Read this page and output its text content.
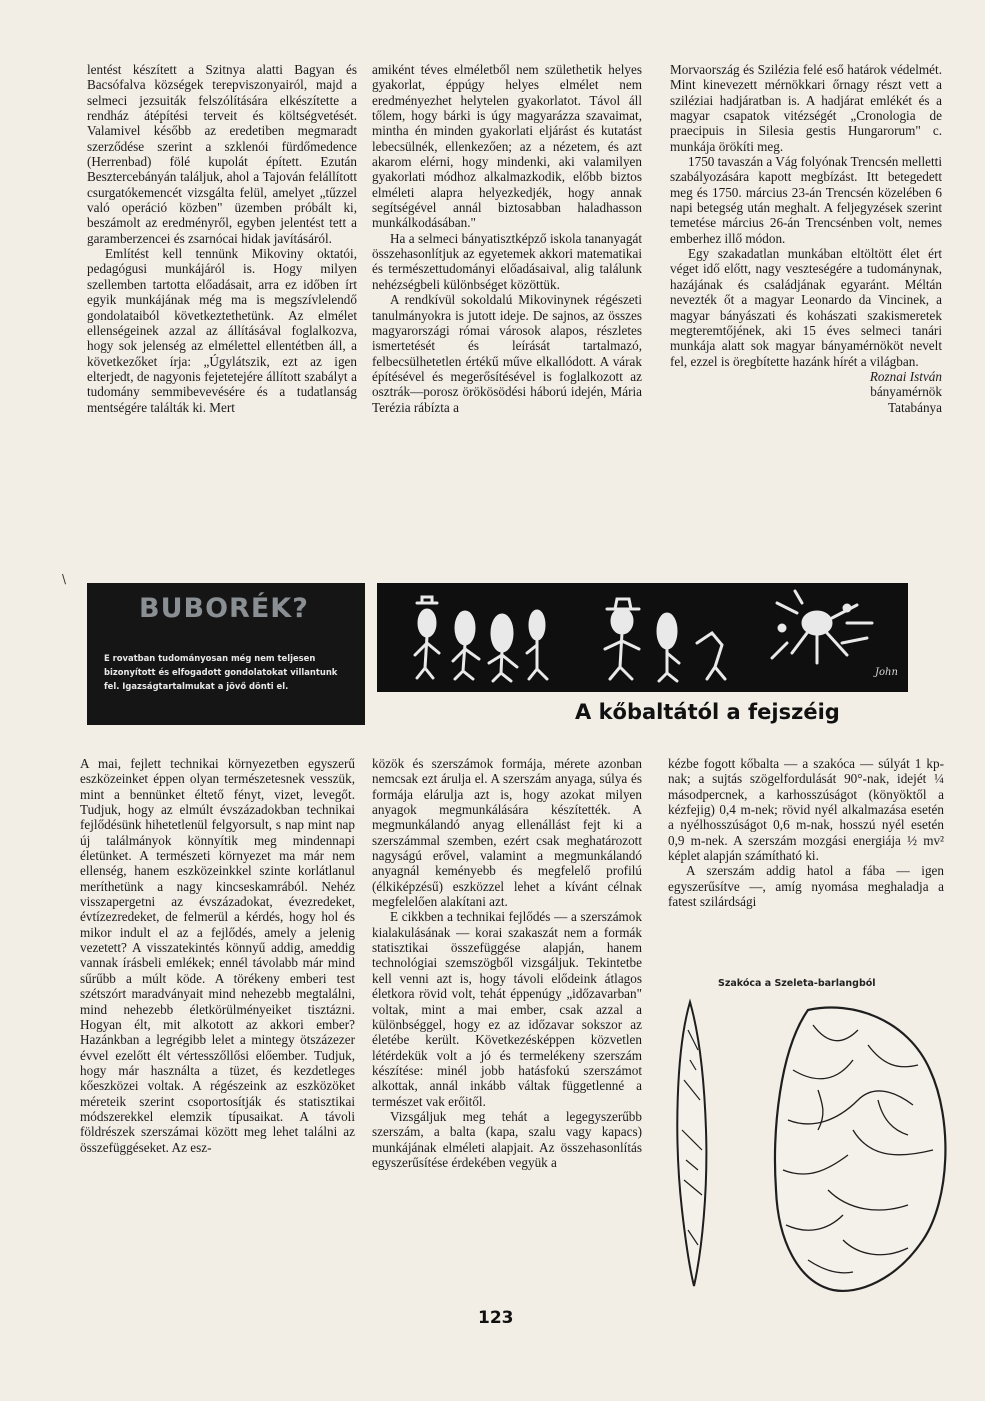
lentést készített a Szitnya alatti Bagyan és Bacsófalva községek terepviszonyairól, majd a selmeci jezsuiták felszólítására elkészítette a rendház átépítési terveit és költségvetését. Valamivel később az eredetiben megmaradt szerződése szerint a szklenói fürdőmedence (Herrenbad) fölé kupolát épített. Ezután Besztercebányán találjuk, ahol a Tajován felállított csurgatókemencét vizsgálta felül, amelyet „tűzzel való operáció közben" üzemben próbált ki, beszámolt az eredményről, egyben jelentést tett a garamberzencei és zsarnócai hidak javításáról.

Említést kell tennünk Mikoviny oktatói, pedagógusi munkájáról is. Hogy milyen szellemben tartotta előadásait, arra ez időben írt egyik munkájának még ma is megszívlelendő gondolataiból következtethetünk. Az elmélet ellenségeinek azzal az állításával foglalkozva, hogy sok jelenség az elmélettel ellentétben áll, a következőket írja: „Úgylátszik, ezt az igen elterjedt, de nagyonis fejetetejére állított szabályt a tudomány semmibevevésére és a tudatlanság mentségére találták ki. Mert

amiként téves elméletből nem születhetik helyes gyakorlat, éppúgy helyes elmélet nem eredményezhet helytelen gyakorlatot. Távol áll tőlem, hogy bárki is úgy magyarázza szavaimat, mintha én minden gyakorlati eljárást és kutatást lebecsülnék, ellenkezően; az a nézetem, és azt akarom elérni, hogy mindenki, aki valamilyen gyakorlati módhoz alkalmazkodik, előbb biztos elméleti alapra helyezkedjék, hogy annak segítségével annál biztosabban haladhasson munkálkodásában."

Ha a selmeci bányatisztképző iskola tananyagát összehasonlítjuk az egyetemek akkori matematikai és természettudományi előadásaival, alig találunk nehézségbeli különbséget közöttük.

A rendkívül sokoldalú Mikovinynek régészeti tanulmányokra is jutott ideje. De sajnos, az összes magyarországi római városok alapos, részletes ismertetését és leírását tartalmazó, felbecsülhetetlen értékű műve elkallódott. A várak építésével és megerősítésével is foglalkozott az osztrák—porosz örökösödési háború idején, Mária Terézia rábízta a

Morvaország és Szilézia felé eső határok védelmét. Mint kinevezett mérnökkari őrnagy részt vett a sziléziai hadjáratban is. A hadjárat emlékét és a magyar csapatok vitézségét „Cronologia de praecipuis in Silesia gestis Hungarorum" c. munkája örökíti meg.

1750 tavaszán a Vág folyónak Trencsén melletti szabályozására kapott megbízást. Itt betegedett meg és 1750. március 23-án Trencsén közelében 6 napi betegség után meghalt. A feljegyzések szerint temetése március 26-án Trencsénben volt, nemes emberhez illő módon.

Egy szakadatlan munkában eltöltött élet ért véget idő előtt, nagy veszteségére a tudománynak, hazájának és családjának egyaránt. Méltán nevezték őt a magyar Leonardo da Vincinek, a magyar bányászati és kohászati szakismeretek megteremtőjének, aki 15 éves selmeci tanári munkája alatt sok magyar bányamérnököt nevelt fel, ezzel is öregbítette hazánk hírét a világban.

Roznai István

bányamérnök

Tatabánya

\
BUBORÉK?
E rovatban tudományosan még nem teljesen bizonyított és elfogadott gondolatokat villantunk fel. Igazságtartalmukat a jövő dönti el.
John
A kőbaltától a fejszéig

A mai, fejlett technikai környezetben egyszerű eszközeinket éppen olyan természetesnek vesszük, mint a bennünket éltető fényt, vizet, levegőt. Tudjuk, hogy az elmúlt évszázadokban technikai fejlődésünk hihetetlenül felgyorsult, s nap mint nap új találmányok könnyítik meg mindennapi életünket. A természeti környezet ma már nem ellenség, hanem eszközeinkkel szinte korlátlanul meríthetünk a nagy kincseskamrából. Nehéz visszapergetni az évszázadokat, évezredeket, évtízezredeket, de felmerül a kérdés, hogy hol és mikor indult el az a fejlődés, amely a jelenig vezetett? A visszatekintés könnyű addig, ameddig vannak írásbeli emlékek; ennél távolabb már mind sűrűbb a múlt köde. A törékeny emberi test szétszórt maradványait mind nehezebb megtalálni, mind nehezebb életkörülményeiket tisztázni. Hogyan élt, mit alkotott az akkori ember? Hazánkban a legrégibb lelet a mintegy ötszázezer évvel ezelőtt élt vértesszőllősi előember. Tudjuk, hogy már használta a tüzet, és kezdetleges kőeszközei voltak. A régészeink az eszközöket méreteik szerint csoportosítják és statisztikai módszerekkel elemzik típusaikat. A távoli földrészek szerszámai között meg lehet találni az összefüggéseket. Az esz-

közök és szerszámok formája, mérete azonban nemcsak ezt árulja el. A szerszám anyaga, súlya és formája elárulja azt is, hogy azokat milyen anyagok megmunkálására készítették. A megmunkálandó anyag ellenállást fejt ki a szerszámmal szemben, ezért csak meghatározott nagyságú erővel, valamint a megmunkálandó anyagnál keményebb és megfelelő profilú (élkiképzésű) eszközzel lehet a kívánt célnak megfelelően alakítani azt.

E cikkben a technikai fejlődés — a szerszámok kialakulásának — korai szakaszát nem a formák statisztikai összefüggése alapján, hanem technológiai szemszögből vizsgáljuk. Tekintetbe kell venni azt is, hogy távoli elődeink átlagos életkora rövid volt, tehát éppenúgy „időzavarban" voltak, mint a mai ember, csak azzal a különbséggel, hogy ez az időzavar sokszor az életébe került. Következésképpen közvetlen létérdekük volt a jó és termelékeny szerszám készítése: minél jobb hatásfokú szerszámot alkottak, annál inkább váltak függetlenné a természet vak erőitől.

Vizsgáljuk meg tehát a legegyszerűbb szerszám, a balta (kapa, szalu vagy kapacs) munkájának elméleti alapjait. Az összehasonlítás egyszerűsítése érdekében vegyük a

kézbe fogott kőbalta — a szakóca — súlyát 1 kp-nak; a sujtás szögelfordulását 90°-nak, idejét ¼ másodpercnek, a karhosszúságot (könyöktől a kézfejig) 0,4 m-nek; rövid nyél alkalmazása esetén a nyélhosszúságot 0,6 m-nak, hosszú nyél esetén 0,9 m-nek. A szerszám mozgási energiája ½ mv² képlet alapján számítható ki.

A szerszám addig hatol a fába — igen egyszerűsítve —, amíg nyomása meghaladja a fatest szilárdsági

Szakóca a Szeleta-barlangból
123
